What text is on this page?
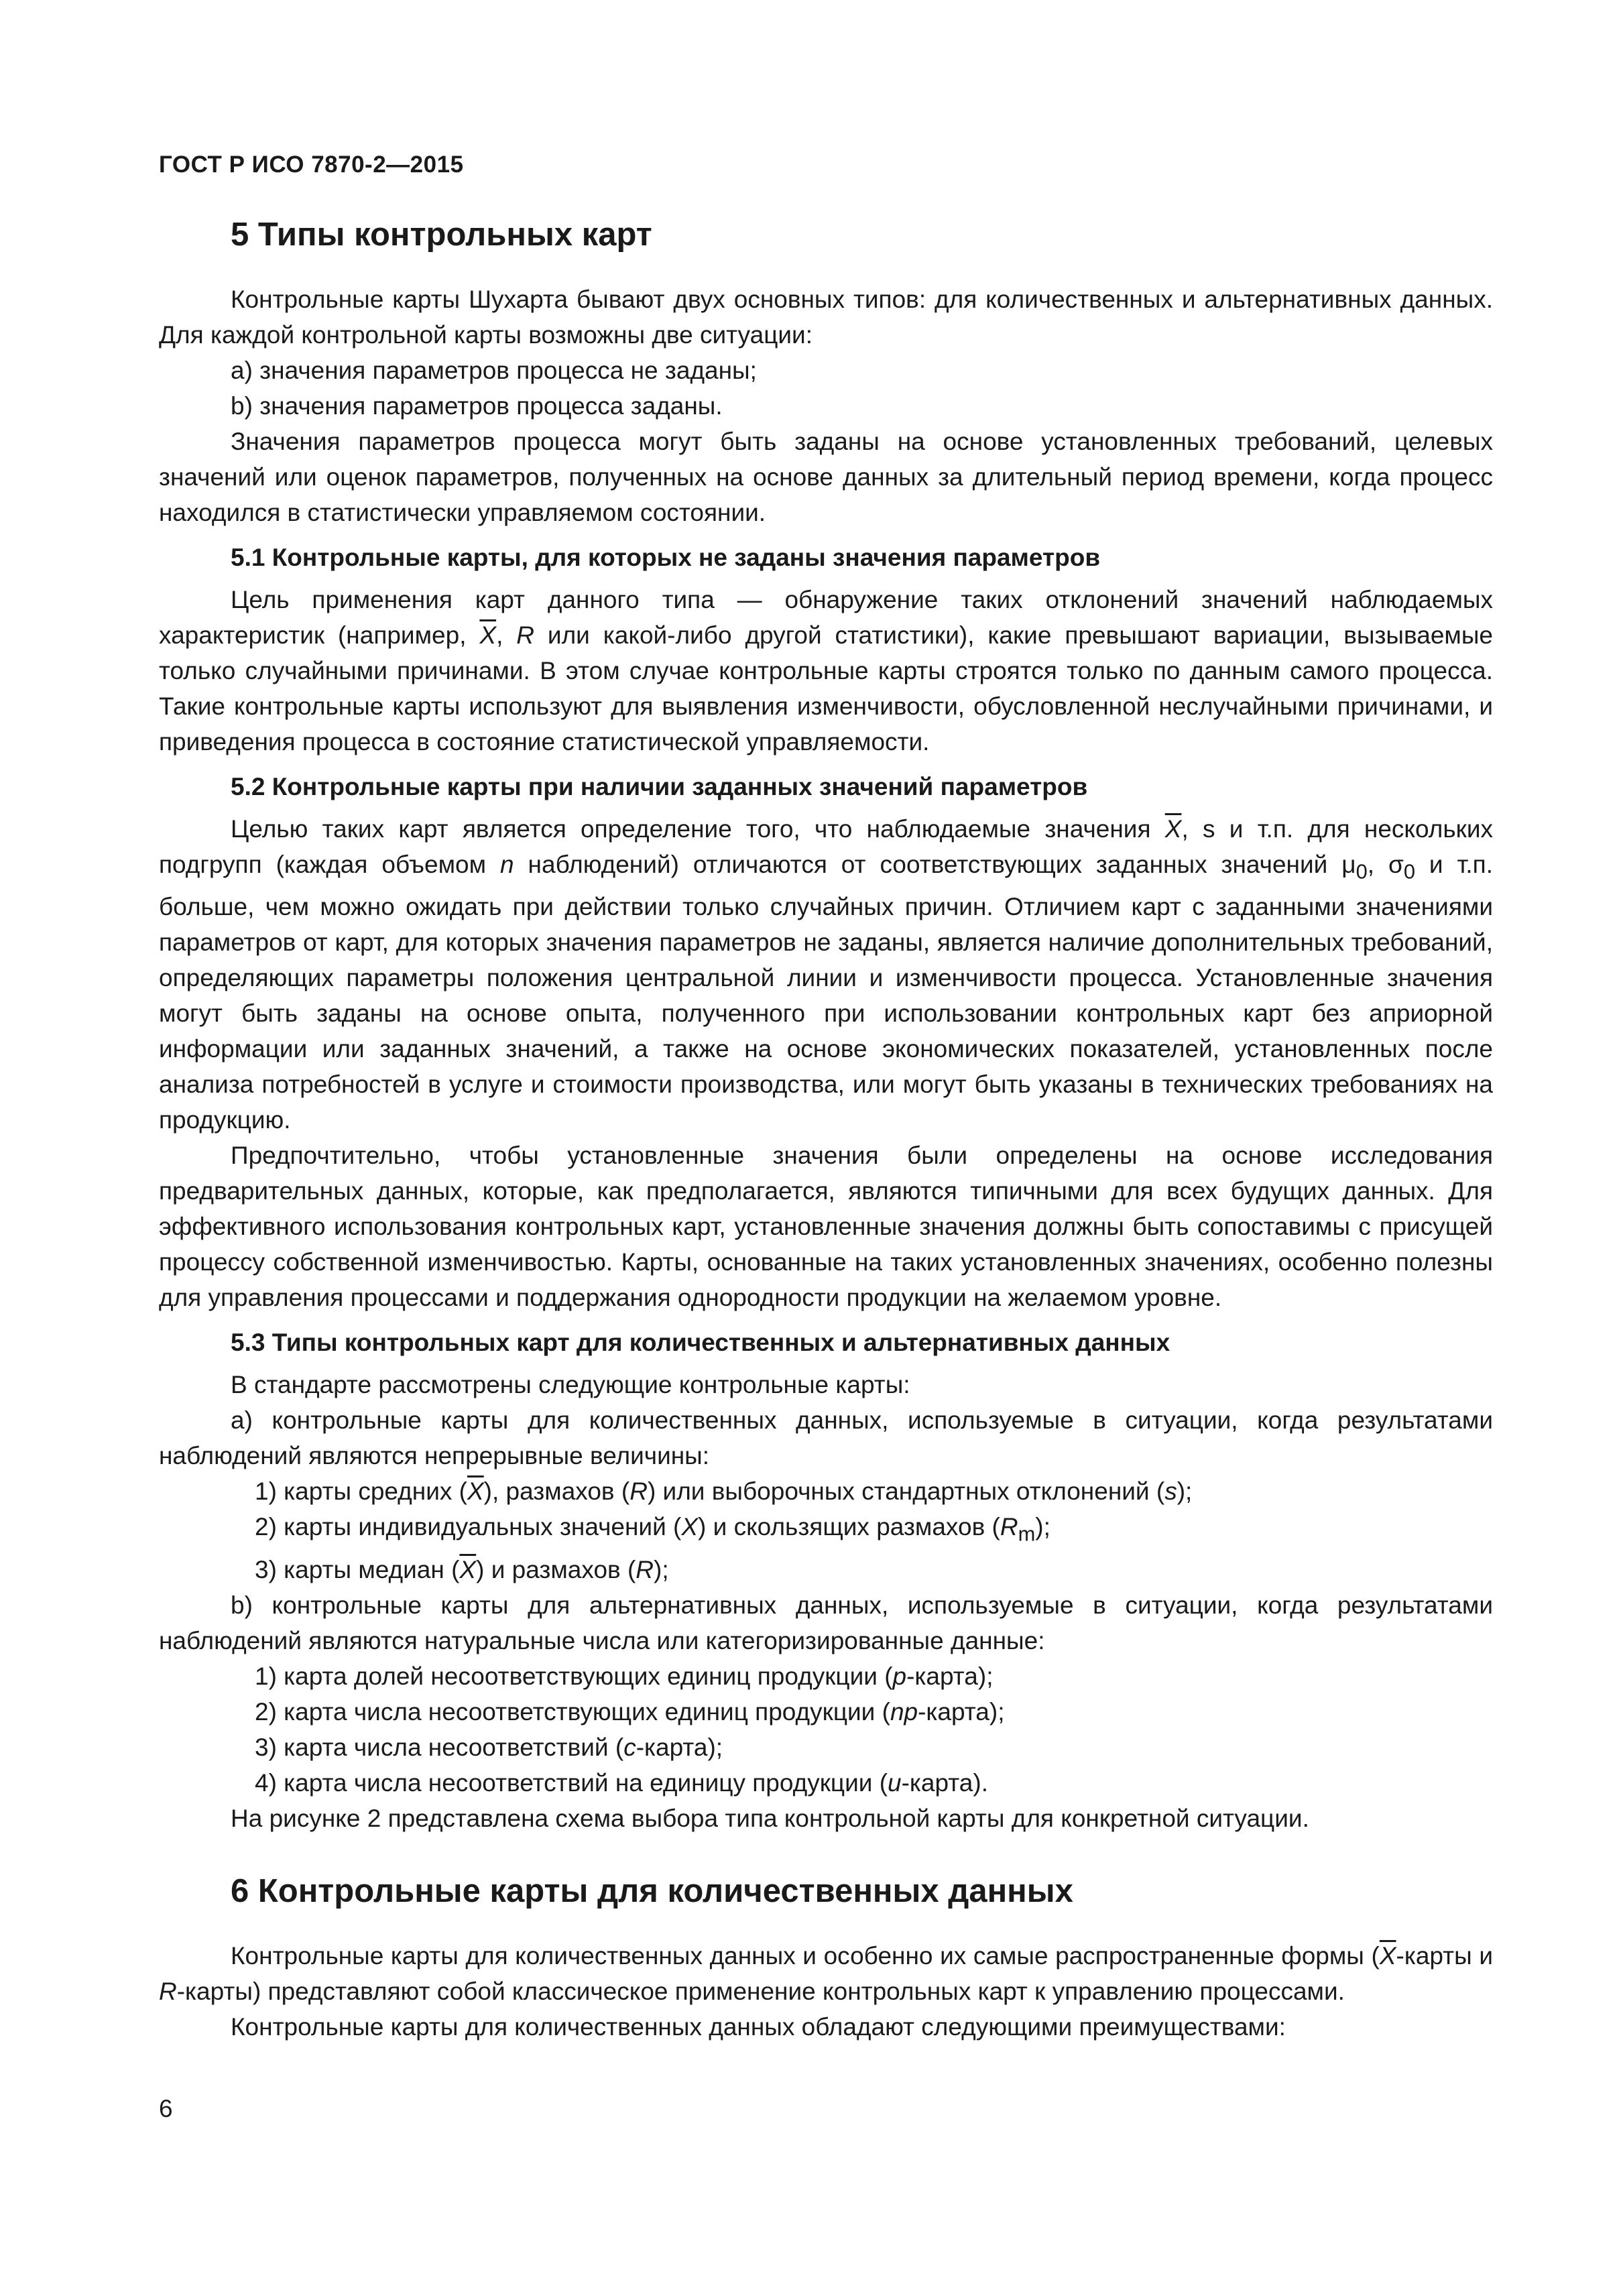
ГОСТ Р ИСО 7870-2—2015
5 Типы контрольных карт

Контрольные карты Шухарта бывают двух основных типов: для количественных и альтернативных данных. Для каждой контрольной карты возможны две ситуации:

a) значения параметров процесса не заданы;

b) значения параметров процесса заданы.

Значения параметров процесса могут быть заданы на основе установленных требований, целевых значений или оценок параметров, полученных на основе данных за длительный период времени, когда процесс находился в статистически управляемом состоянии.

5.1 Контрольные карты, для которых не заданы значения параметров

Цель применения карт данного типа — обнаружение таких отклонений значений наблюдаемых характеристик (например, $\overline{X}$, R или какой-либо другой статистики), какие превышают вариации, вызываемые только случайными причинами. В этом случае контрольные карты строятся только по данным самого процесса. Такие контрольные карты используют для выявления изменчивости, обусловленной неслучайными причинами, и приведения процесса в состояние статистической управляемости.

5.2 Контрольные карты при наличии заданных значений параметров

Целью таких карт является определение того, что наблюдаемые значения $\overline{X}$, s и т.п. для нескольких подгрупп (каждая объемом n наблюдений) отличаются от соответствующих заданных значений $\mu_0$, $\sigma_0$ и т.п. больше, чем можно ожидать при действии только случайных причин. Отличием карт с заданными значениями параметров от карт, для которых значения параметров не заданы, является наличие дополнительных требований, определяющих параметры положения центральной линии и изменчивости процесса. Установленные значения могут быть заданы на основе опыта, полученного при использовании контрольных карт без априорной информации или заданных значений, а также на основе экономических показателей, установленных после анализа потребностей в услуге и стоимости производства, или могут быть указаны в технических требованиях на продукцию.

Предпочтительно, чтобы установленные значения были определены на основе исследования предварительных данных, которые, как предполагается, являются типичными для всех будущих данных. Для эффективного использования контрольных карт, установленные значения должны быть сопоставимы с присущей процессу собственной изменчивостью. Карты, основанные на таких установленных значениях, особенно полезны для управления процессами и поддержания однородности продукции на желаемом уровне.

5.3 Типы контрольных карт для количественных и альтернативных данных

В стандарте рассмотрены следующие контрольные карты:

a) контрольные карты для количественных данных, используемые в ситуации, когда результатами наблюдений являются непрерывные величины:

1) карты средних $(\overline{X})$, размахов (R) или выборочных стандартных отклонений (s);

2) карты индивидуальных значений (X) и скользящих размахов $(R_m)$;

3) карты медиан $(\overline{X})$ и размахов (R);

b) контрольные карты для альтернативных данных, используемые в ситуации, когда результатами наблюдений являются натуральные числа или категоризированные данные:

1) карта долей несоответствующих единиц продукции (p-карта);

2) карта числа несоответствующих единиц продукции (np-карта);

3) карта числа несоответствий (c-карта);

4) карта числа несоответствий на единицу продукции (u-карта).

На рисунке 2 представлена схема выбора типа контрольной карты для конкретной ситуации.

6 Контрольные карты для количественных данных

Контрольные карты для количественных данных и особенно их самые распространенные формы ($\overline{X}$-карты и R-карты) представляют собой классическое применение контрольных карт к управлению процессами.

Контрольные карты для количественных данных обладают следующими преимуществами:

6
